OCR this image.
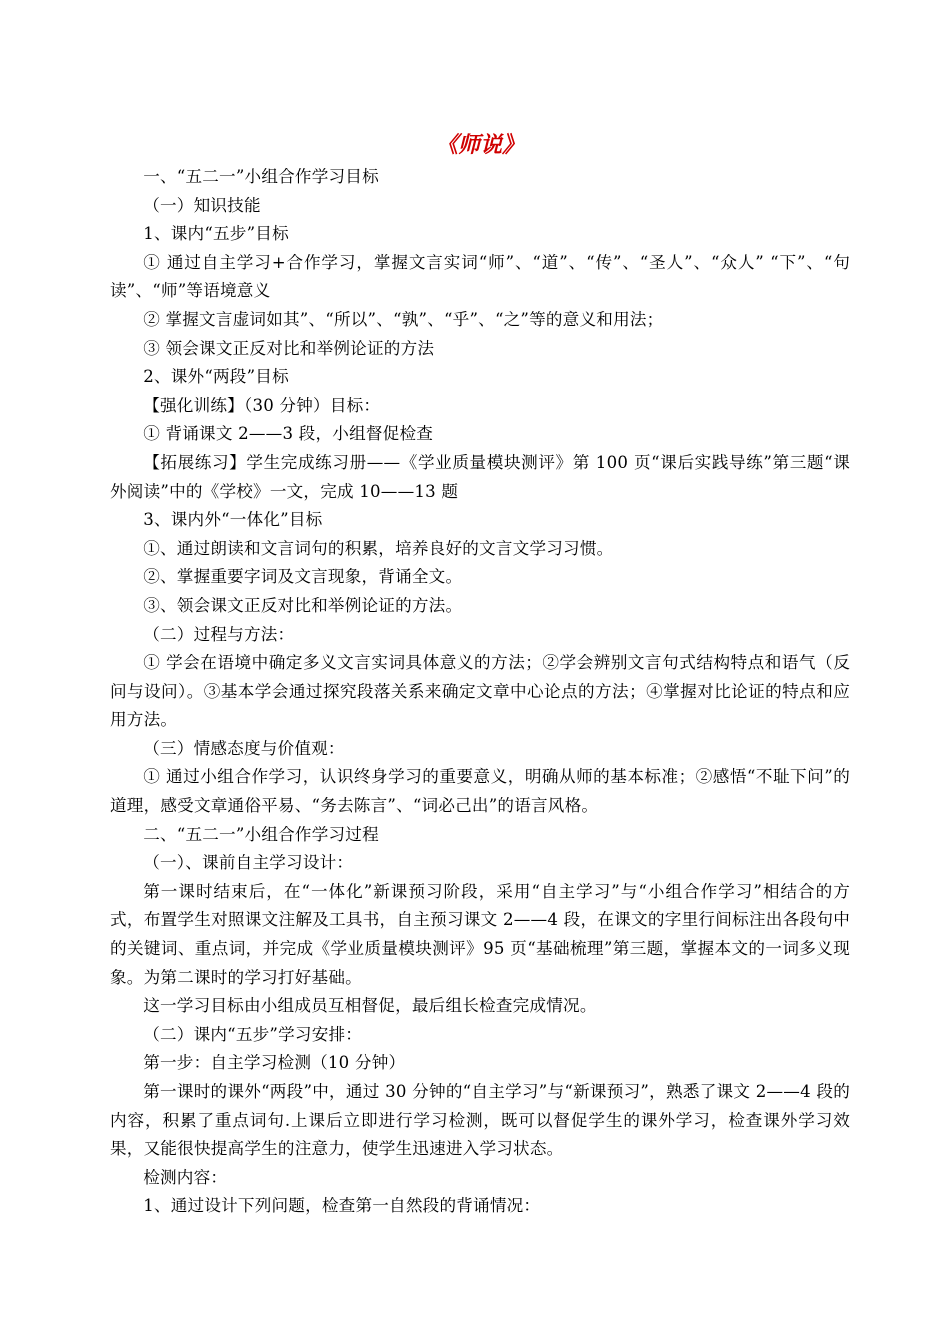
《师说》

一、“五二一”小组合作学习目标

（一）知识技能

1、课内“五步”目标

① 通过自主学习+合作学习，掌握文言实词“师”、“道”、“传”、“圣人”、“众人” “下”、“句读”、“师”等语境意义

② 掌握文言虚词如其”、“所以”、“孰”、“乎”、“之”等的意义和用法；

③ 领会课文正反对比和举例论证的方法

2、课外“两段”目标

【强化训练】（30 分钟）目标：

① 背诵课文 2——3 段，小组督促检查

【拓展练习】学生完成练习册——《学业质量模块测评》第 100 页“课后实践导练”第三题“课外阅读”中的《学校》一文，完成 10——13 题

3、课内外“一体化”目标

①、通过朗读和文言词句的积累，培养良好的文言文学习习惯。

②、掌握重要字词及文言现象，背诵全文。

③、领会课文正反对比和举例论证的方法。

（二）过程与方法：

① 学会在语境中确定多义文言实词具体意义的方法；②学会辨别文言句式结构特点和语气（反问与设问）。③基本学会通过探究段落关系来确定文章中心论点的方法；④掌握对比论证的特点和应用方法。

（三）情感态度与价值观：

① 通过小组合作学习，认识终身学习的重要意义，明确从师的基本标准；②感悟“不耻下问”的道理，感受文章通俗平易、“务去陈言”、“词必己出”的语言风格。

二、“五二一”小组合作学习过程

（一）、课前自主学习设计：

第一课时结束后，在“一体化”新课预习阶段，采用“自主学习”与“小组合作学习”相结合的方式，布置学生对照课文注解及工具书，自主预习课文 2——4 段，在课文的字里行间标注出各段句中的关键词、重点词，并完成《学业质量模块测评》95 页“基础梳理”第三题，掌握本文的一词多义现象。为第二课时的学习打好基础。

这一学习目标由小组成员互相督促，最后组长检查完成情况。

（二）课内“五步”学习安排：

第一步：自主学习检测（10 分钟）

第一课时的课外“两段”中，通过 30 分钟的“自主学习”与“新课预习”，熟悉了课文 2——4 段的内容，积累了重点词句.上课后立即进行学习检测，既可以督促学生的课外学习，检查课外学习效果，又能很快提高学生的注意力，使学生迅速进入学习状态。

检测内容：

1、通过设计下列问题，检查第一自然段的背诵情况：
